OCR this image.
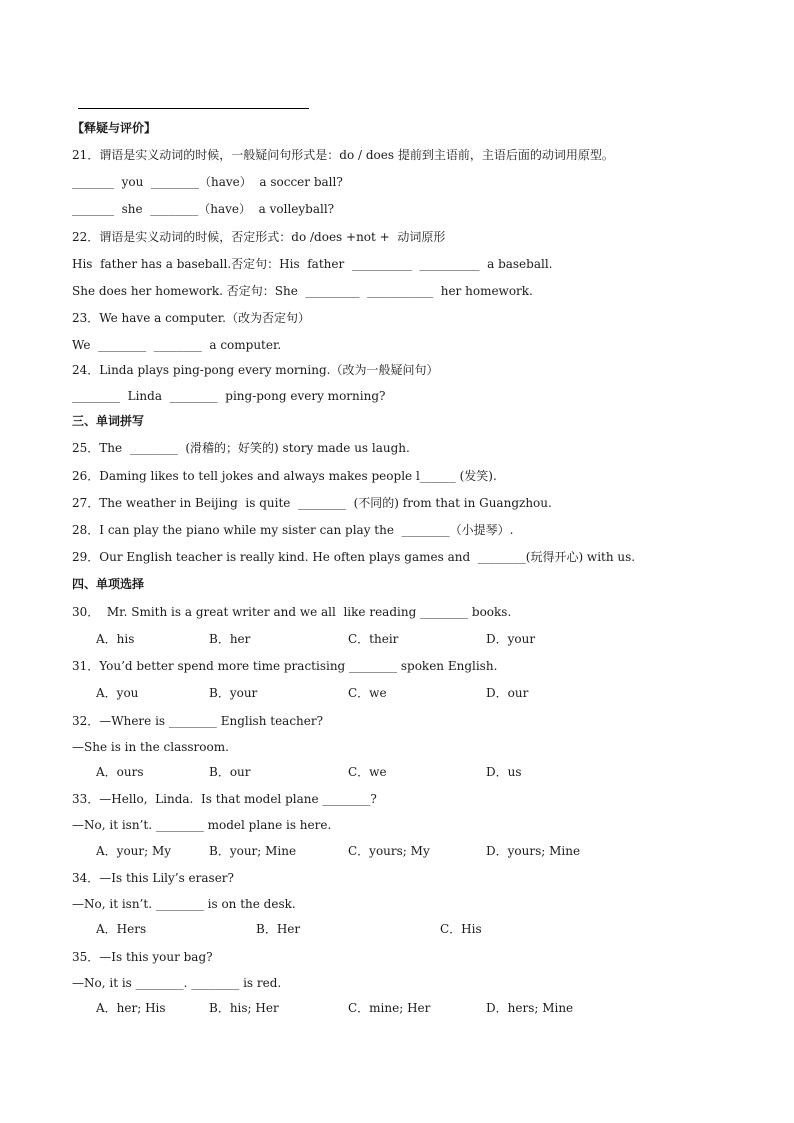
【释疑与评价】
21．谓语是实义动词的时候，一般疑问句形式是：do / does 提前到主语前，主语后面的动词用原型。
_______  you  ________（have）  a soccer ball?
_______  she  ________（have）  a volleyball?
22．谓语是实义动词的时候，否定形式：do /does +not +  动词原形
His  father has a baseball.否定句：His  father  __________  __________  a baseball.
She does her homework. 否定句：She  _________  ___________  her homework.
23．We have a computer.（改为否定句）
We  ________  ________  a computer.
24．Linda plays ping-pong every morning.（改为一般疑问句）
________  Linda  ________  ping-pong every morning?
三、单词拼写
25．The  ________  (滑稽的；好笑的) story made us laugh.
26．Daming likes to tell jokes and always makes people l______ (发笑).
27．The weather in Beijing  is quite  ________  (不同的) from that in Guangzhou.
28．I can play the piano while my sister can play the  ________（小提琴）.
29．Our English teacher is really kind. He often plays games and  ________(玩得开心) with us.
四、单项选择
30．  Mr. Smith is a great writer and we all  like reading ________ books.
A．his	B．her	C．their	D．your
31．You’d better spend more time practising ________ spoken English.
A．you	B．your	C．we	D．our
32．—Where is ________ English teacher?
—She is in the classroom.
A．ours	B．our	C．we	D．us
33．—Hello,  Linda.  Is that model plane ________?
—No, it isn’t. ________ model plane is here.
A．your; My	B．your; Mine	C．yours; My	D．yours; Mine
34．—Is this Lily’s eraser?
—No, it isn’t. ________ is on the desk.
A．Hers	B．Her	C．His
35．—Is this your bag?
—No, it is ________. ________ is red.
A．her; His	B．his; Her	C．mine; Her	D．hers; Mine
